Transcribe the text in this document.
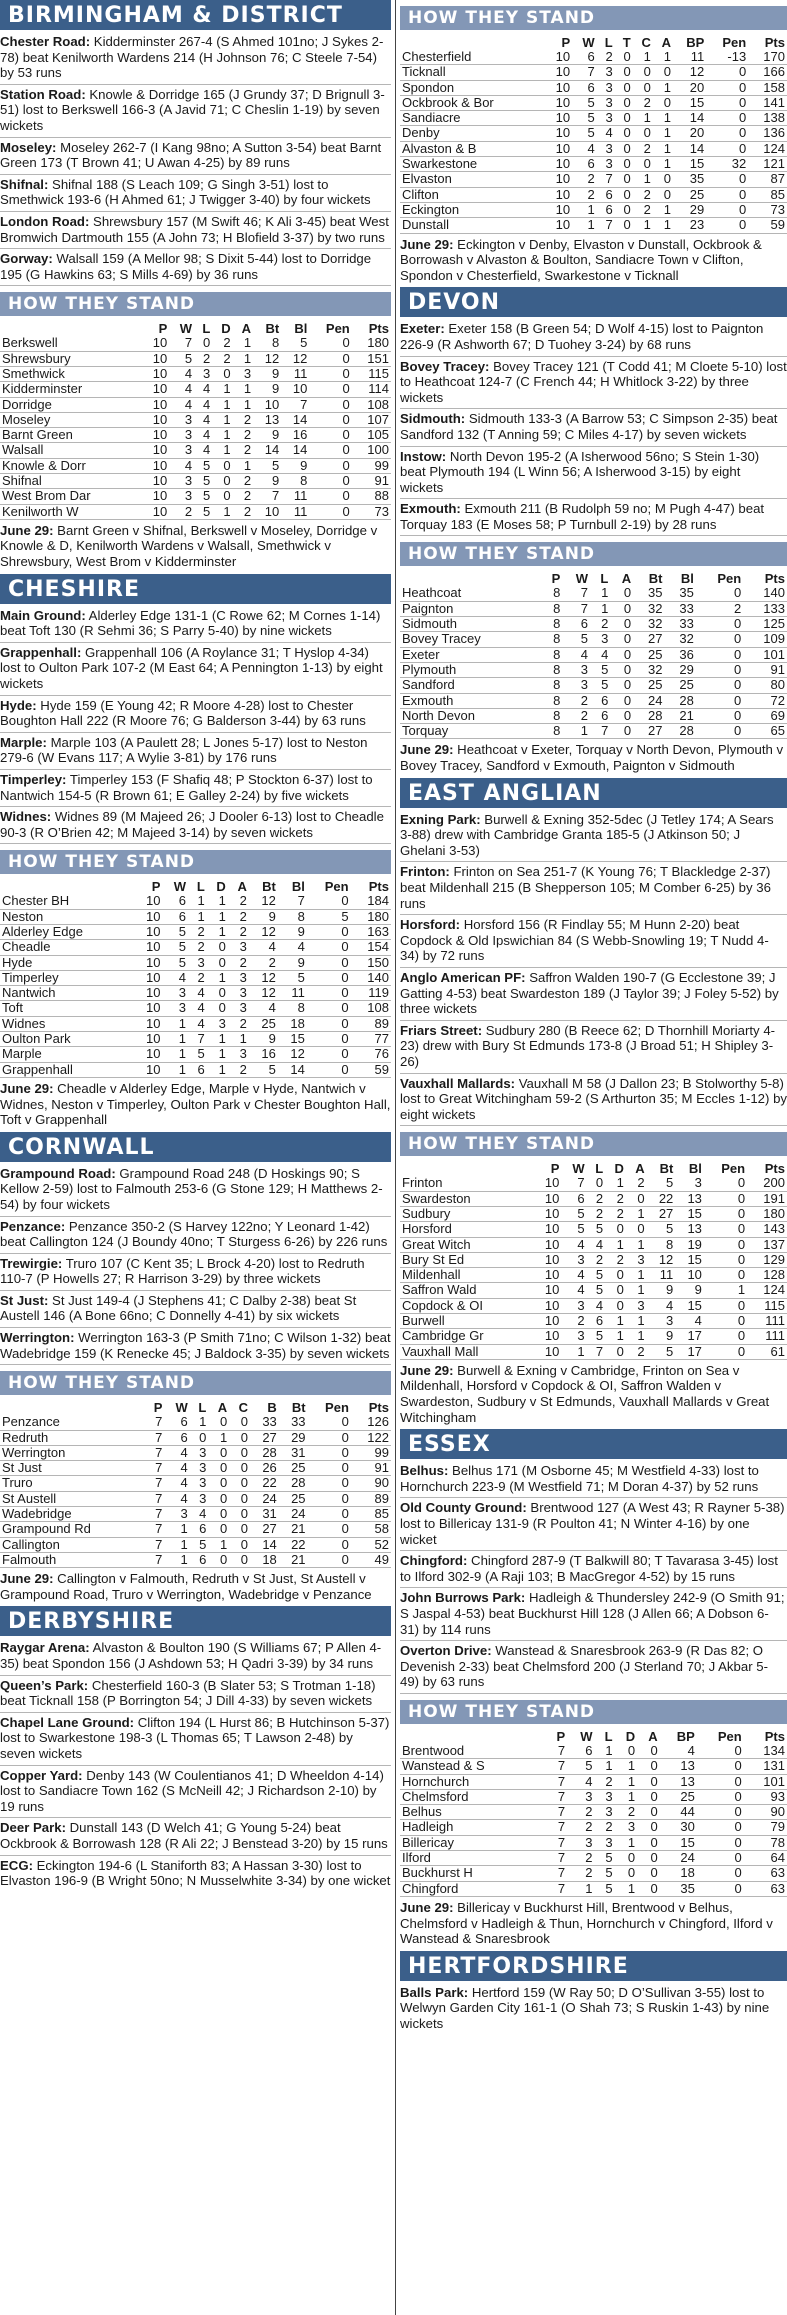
BIRMINGHAM & DISTRICT
Chester Road: Kidderminster 267-4 (S Ahmed 101no; J Sykes 2-78) beat Kenilworth Wardens 214 (H Johnson 76; C Steele 7-54) by 53 runs
Station Road: Knowle & Dorridge 165 (J Grundy 37; D Brignull 3-51) lost to Berkswell 166-3 (A Javid 71; C Cheslin 1-19) by seven wickets
Moseley: Moseley 262-7 (I Kang 98no; A Sutton 3-54) beat Barnt Green 173 (T Brown 41; U Awan 4-25) by 89 runs
Shifnal: Shifnal 188 (S Leach 109; G Singh 3-51) lost to Smethwick 193-6 (H Ahmed 61; J Twigger 3-40) by four wickets
London Road: Shrewsbury 157 (M Swift 46; K Ali 3-45) beat West Bromwich Dartmouth 155 (A John 73; H Blofield 3-37) by two runs
Gorway: Walsall 159 (A Mellor 98; S Dixit 5-44) lost to Dorridge 195 (G Hawkins 63; S Mills 4-69) by 36 runs
HOW THEY STAND
	P	W	L	D	A	Bt	Bl	Pen	Pts
Berkswell	10	7	0	2	1	8	5	0	180
Shrewsbury	10	5	2	2	1	12	12	0	151
Smethwick	10	4	3	0	3	9	11	0	115
Kidderminster	10	4	4	1	1	9	10	0	114
Dorridge	10	4	4	1	1	10	7	0	108
Moseley	10	3	4	1	2	13	14	0	107
Barnt Green	10	3	4	1	2	9	16	0	105
Walsall	10	3	4	1	2	14	14	0	100
Knowle & Dorr	10	4	5	0	1	5	9	0	99
Shifnal	10	3	5	0	2	9	8	0	91
West Brom Dar	10	3	5	0	2	7	11	0	88
Kenilworth W	10	2	5	1	2	10	11	0	73
June 29: Barnt Green v Shifnal, Berkswell v Moseley, Dorridge v Knowle & D, Kenilworth Wardens v Walsall, Smethwick v Shrewsbury, West Brom v Kidderminster
CHESHIRE
Main Ground: Alderley Edge 131-1 (C Rowe 62; M Cornes 1-14) beat Toft 130 (R Sehmi 36; S Parry 5-40) by nine wickets
Grappenhall: Grappenhall 106 (A Roylance 31; T Hyslop 4-34) lost to Oulton Park 107-2 (M East 64; A Pennington 1-13) by eight wickets
Hyde: Hyde 159 (E Young 42; R Moore 4-28) lost to Chester Boughton Hall 222 (R Moore 76; G Balderson 3-44) by 63 runs
Marple: Marple 103 (A Paulett 28; L Jones 5-17) lost to Neston 279-6 (W Evans 117; A Wylie 3-81) by 176 runs
Timperley: Timperley 153 (F Shafiq 48; P Stockton 6-37) lost to Nantwich 154-5 (R Brown 61; E Galley 2-24) by five wickets
Widnes: Widnes 89 (M Majeed 26; J Dooler 6-13) lost to Cheadle 90-3 (R O’Brien 42; M Majeed 3-14) by seven wickets
HOW THEY STAND
	P	W	L	D	A	Bt	Bl	Pen	Pts
Chester BH	10	6	1	1	2	12	7	0	184
Neston	10	6	1	1	2	9	8	5	180
Alderley Edge	10	5	2	1	2	12	9	0	163
Cheadle	10	5	2	0	3	4	4	0	154
Hyde	10	5	3	0	2	2	9	0	150
Timperley	10	4	2	1	3	12	5	0	140
Nantwich	10	3	4	0	3	12	11	0	119
Toft	10	3	4	0	3	4	8	0	108
Widnes	10	1	4	3	2	25	18	0	89
Oulton Park	10	1	7	1	1	9	15	0	77
Marple	10	1	5	1	3	16	12	0	76
Grappenhall	10	1	6	1	2	5	14	0	59
June 29: Cheadle v Alderley Edge, Marple v Hyde, Nantwich v Widnes, Neston v Timperley, Oulton Park v Chester Boughton Hall, Toft v Grappenhall
CORNWALL
Grampound Road: Grampound Road 248 (D Hoskings 90; S Kellow 2-59) lost to Falmouth 253-6 (G Stone 129; H Matthews 2-54) by four wickets
Penzance: Penzance 350-2 (S Harvey 122no; Y Leonard 1-42) beat Callington 124 (J Boundy 40no; T Sturgess 6-26) by 226 runs
Trewirgie: Truro 107 (C Kent 35; L Brock 4-20) lost to Redruth 110-7 (P Howells 27; R Harrison 3-29) by three wickets
St Just: St Just 149-4 (J Stephens 41; C Dalby 2-38) beat St Austell 146 (A Bone 66no; C Donnelly 4-41) by six wickets
Werrington: Werrington 163-3 (P Smith 71no; C Wilson 1-32) beat Wadebridge 159 (K Renecke 45; J Baldock 3-35) by seven wickets
HOW THEY STAND
	P	W	L	A	C	B	Bt	Pen	Pts
Penzance	7	6	1	0	0	33	33	0	126
Redruth	7	6	0	1	0	27	29	0	122
Werrington	7	4	3	0	0	28	31	0	99
St Just	7	4	3	0	0	26	25	0	91
Truro	7	4	3	0	0	22	28	0	90
St Austell	7	4	3	0	0	24	25	0	89
Wadebridge	7	3	4	0	0	31	24	0	85
Grampound Rd	7	1	6	0	0	27	21	0	58
Callington	7	1	5	1	0	14	22	0	52
Falmouth	7	1	6	0	0	18	21	0	49
June 29: Callington v Falmouth, Redruth v St Just, St Austell v Grampound Road, Truro v Werrington, Wadebridge v Penzance
DERBYSHIRE
Raygar Arena: Alvaston & Boulton 190 (S Williams 67; P Allen 4-35) beat Spondon 156 (J Ashdown 53; H Qadri 3-39) by 34 runs
Queen’s Park: Chesterfield 160-3 (B Slater 53; S Trotman 1-18) beat Ticknall 158 (P Borrington 54; J Dill 4-33) by seven wickets
Chapel Lane Ground: Clifton 194 (L Hurst 86; B Hutchinson 5-37) lost to Swarkestone 198-3 (L Thomas 65; T Lawson 2-48) by seven wickets
Copper Yard: Denby 143 (W Coulentianos 41; D Wheeldon 4-14) lost to Sandiacre Town 162 (S McNeill 42; J Richardson 2-10) by 19 runs
Deer Park: Dunstall 143 (D Welch 41; G Young 5-24) beat Ockbrook & Borrowash 128 (R Ali 22; J Benstead 3-20) by 15 runs
ECG: Eckington 194-6 (L Staniforth 83; A Hassan 3-30) lost to Elvaston 196-9 (B Wright 50no; N Musselwhite 3-34) by one wicket
HOW THEY STAND
	P	W	L	T	C	A	BP	Pen	Pts
Chesterfield	10	6	2	0	1	1	11	-13	170
Ticknall	10	7	3	0	0	0	12	0	166
Spondon	10	6	3	0	0	1	20	0	158
Ockbrook & Bor	10	5	3	0	2	0	15	0	141
Sandiacre	10	5	3	0	1	1	14	0	138
Denby	10	5	4	0	0	1	20	0	136
Alvaston & B	10	4	3	0	2	1	14	0	124
Swarkestone	10	6	3	0	0	1	15	32	121
Elvaston	10	2	7	0	1	0	35	0	87
Clifton	10	2	6	0	2	0	25	0	85
Eckington	10	1	6	0	2	1	29	0	73
Dunstall	10	1	7	0	1	1	23	0	59
June 29: Eckington v Denby, Elvaston v Dunstall, Ockbrook & Borrowash v Alvaston & Boulton, Sandiacre Town v Clifton, Spondon v Chesterfield, Swarkestone v Ticknall
DEVON
Exeter: Exeter 158 (B Green 54; D Wolf 4-15) lost to Paignton 226-9 (R Ashworth 67; D Tuohey 3-24) by 68 runs
Bovey Tracey: Bovey Tracey 121 (T Codd 41; M Cloete 5-10) lost to Heathcoat 124-7 (C French 44; H Whitlock 3-22) by three wickets
Sidmouth: Sidmouth 133-3 (A Barrow 53; C Simpson 2-35) beat Sandford 132 (T Anning 59; C Miles 4-17) by seven wickets
Instow: North Devon 195-2 (A Isherwood 56no; S Stein 1-30) beat Plymouth 194 (L Winn 56; A Isherwood 3-15) by eight wickets
Exmouth: Exmouth 211 (B Rudolph 59 no; M Pugh 4-47) beat Torquay 183 (E Moses 58; P Turnbull 2-19) by 28 runs
HOW THEY STAND
	P	W	L	A	Bt	Bl	Pen	Pts
Heathcoat	8	7	1	0	35	35	0	140
Paignton	8	7	1	0	32	33	2	133
Sidmouth	8	6	2	0	32	33	0	125
Bovey Tracey	8	5	3	0	27	32	0	109
Exeter	8	4	4	0	25	36	0	101
Plymouth	8	3	5	0	32	29	0	91
Sandford	8	3	5	0	25	25	0	80
Exmouth	8	2	6	0	24	28	0	72
North Devon	8	2	6	0	28	21	0	69
Torquay	8	1	7	0	27	28	0	65
June 29: Heathcoat v Exeter, Torquay v North Devon, Plymouth v Bovey Tracey, Sandford v Exmouth, Paignton v Sidmouth
EAST ANGLIAN
Exning Park: Burwell & Exning 352-5dec (J Tetley 174; A Sears 3-88) drew with Cambridge Granta 185-5 (J Atkinson 50; J Ghelani 3-53)
Frinton: Frinton on Sea 251-7 (K Young 76; T Blackledge 2-37) beat Mildenhall 215 (B Shepperson 105; M Comber 6-25) by 36 runs
Horsford: Horsford 156 (R Findlay 55; M Hunn 2-20) beat Copdock & Old Ipswichian 84 (S Webb-Snowling 19; T Nudd 4-34) by 72 runs
Anglo American PF: Saffron Walden 190-7 (G Ecclestone 39; J Gatting 4-53) beat Swardeston 189 (J Taylor 39; J Foley 5-52) by three wickets
Friars Street: Sudbury 280 (B Reece 62; D Thornhill Moriarty 4-23) drew with Bury St Edmunds 173-8 (J Broad 51; H Shipley 3-26)
Vauxhall Mallards: Vauxhall M 58 (J Dallon 23; B Stolworthy 5-8) lost to Great Witchingham 59-2 (S Arthurton 35; M Eccles 1-12) by eight wickets
HOW THEY STAND
	P	W	L	D	A	Bt	Bl	Pen	Pts
Frinton	10	7	0	1	2	5	3	0	200
Swardeston	10	6	2	2	0	22	13	0	191
Sudbury	10	5	2	2	1	27	15	0	180
Horsford	10	5	5	0	0	5	13	0	143
Great Witch	10	4	4	1	1	8	19	0	137
Bury St Ed	10	3	2	2	3	12	15	0	129
Mildenhall	10	4	5	0	1	11	10	0	128
Saffron Wald	10	4	5	0	1	9	9	1	124
Copdock & OI	10	3	4	0	3	4	15	0	115
Burwell	10	2	6	1	1	3	4	0	111
Cambridge Gr	10	3	5	1	1	9	17	0	111
Vauxhall Mall	10	1	7	0	2	5	17	0	61
June 29: Burwell & Exning v Cambridge, Frinton on Sea v Mildenhall, Horsford v Copdock & OI, Saffron Walden v Swardeston, Sudbury v St Edmunds, Vauxhall Mallards v Great Witchingham
ESSEX
Belhus: Belhus 171 (M Osborne 45; M Westfield 4-33) lost to Hornchurch 223-9 (M Westfield 71; M Doran 4-37) by 52 runs
Old County Ground: Brentwood 127 (A West 43; R Rayner 5-38) lost to Billericay 131-9 (R Poulton 41; N Winter 4-16) by one wicket
Chingford: Chingford 287-9 (T Balkwill 80; T Tavarasa 3-45) lost to Ilford 302-9 (A Raji 103; B MacGregor 4-52) by 15 runs
John Burrows Park: Hadleigh & Thundersley 242-9 (O Smith 91; S Jaspal 4-53) beat Buckhurst Hill 128 (J Allen 66; A Dobson 6-31) by 114 runs
Overton Drive: Wanstead & Snaresbrook 263-9 (R Das 82; O Devenish 2-33) beat Chelmsford 200 (J Sterland 70; J Akbar 5-49) by 63 runs
HOW THEY STAND
	P	W	L	D	A	BP	Pen	Pts
Brentwood	7	6	1	0	0	4	0	134
Wanstead & S	7	5	1	1	0	13	0	131
Hornchurch	7	4	2	1	0	13	0	101
Chelmsford	7	3	3	1	0	25	0	93
Belhus	7	2	3	2	0	44	0	90
Hadleigh	7	2	2	3	0	30	0	79
Billericay	7	3	3	1	0	15	0	78
Ilford	7	2	5	0	0	24	0	64
Buckhurst H	7	2	5	0	0	18	0	63
Chingford	7	1	5	1	0	35	0	63
June 29: Billericay v Buckhurst Hill, Brentwood v Belhus, Chelmsford v Hadleigh & Thun, Hornchurch v Chingford, Ilford v Wanstead & Snaresbrook
HERTFORDSHIRE
Balls Park: Hertford 159 (W Ray 50; D O’Sullivan 3-55) lost to Welwyn Garden City 161-1 (O Shah 73; S Ruskin 1-43) by nine wickets
